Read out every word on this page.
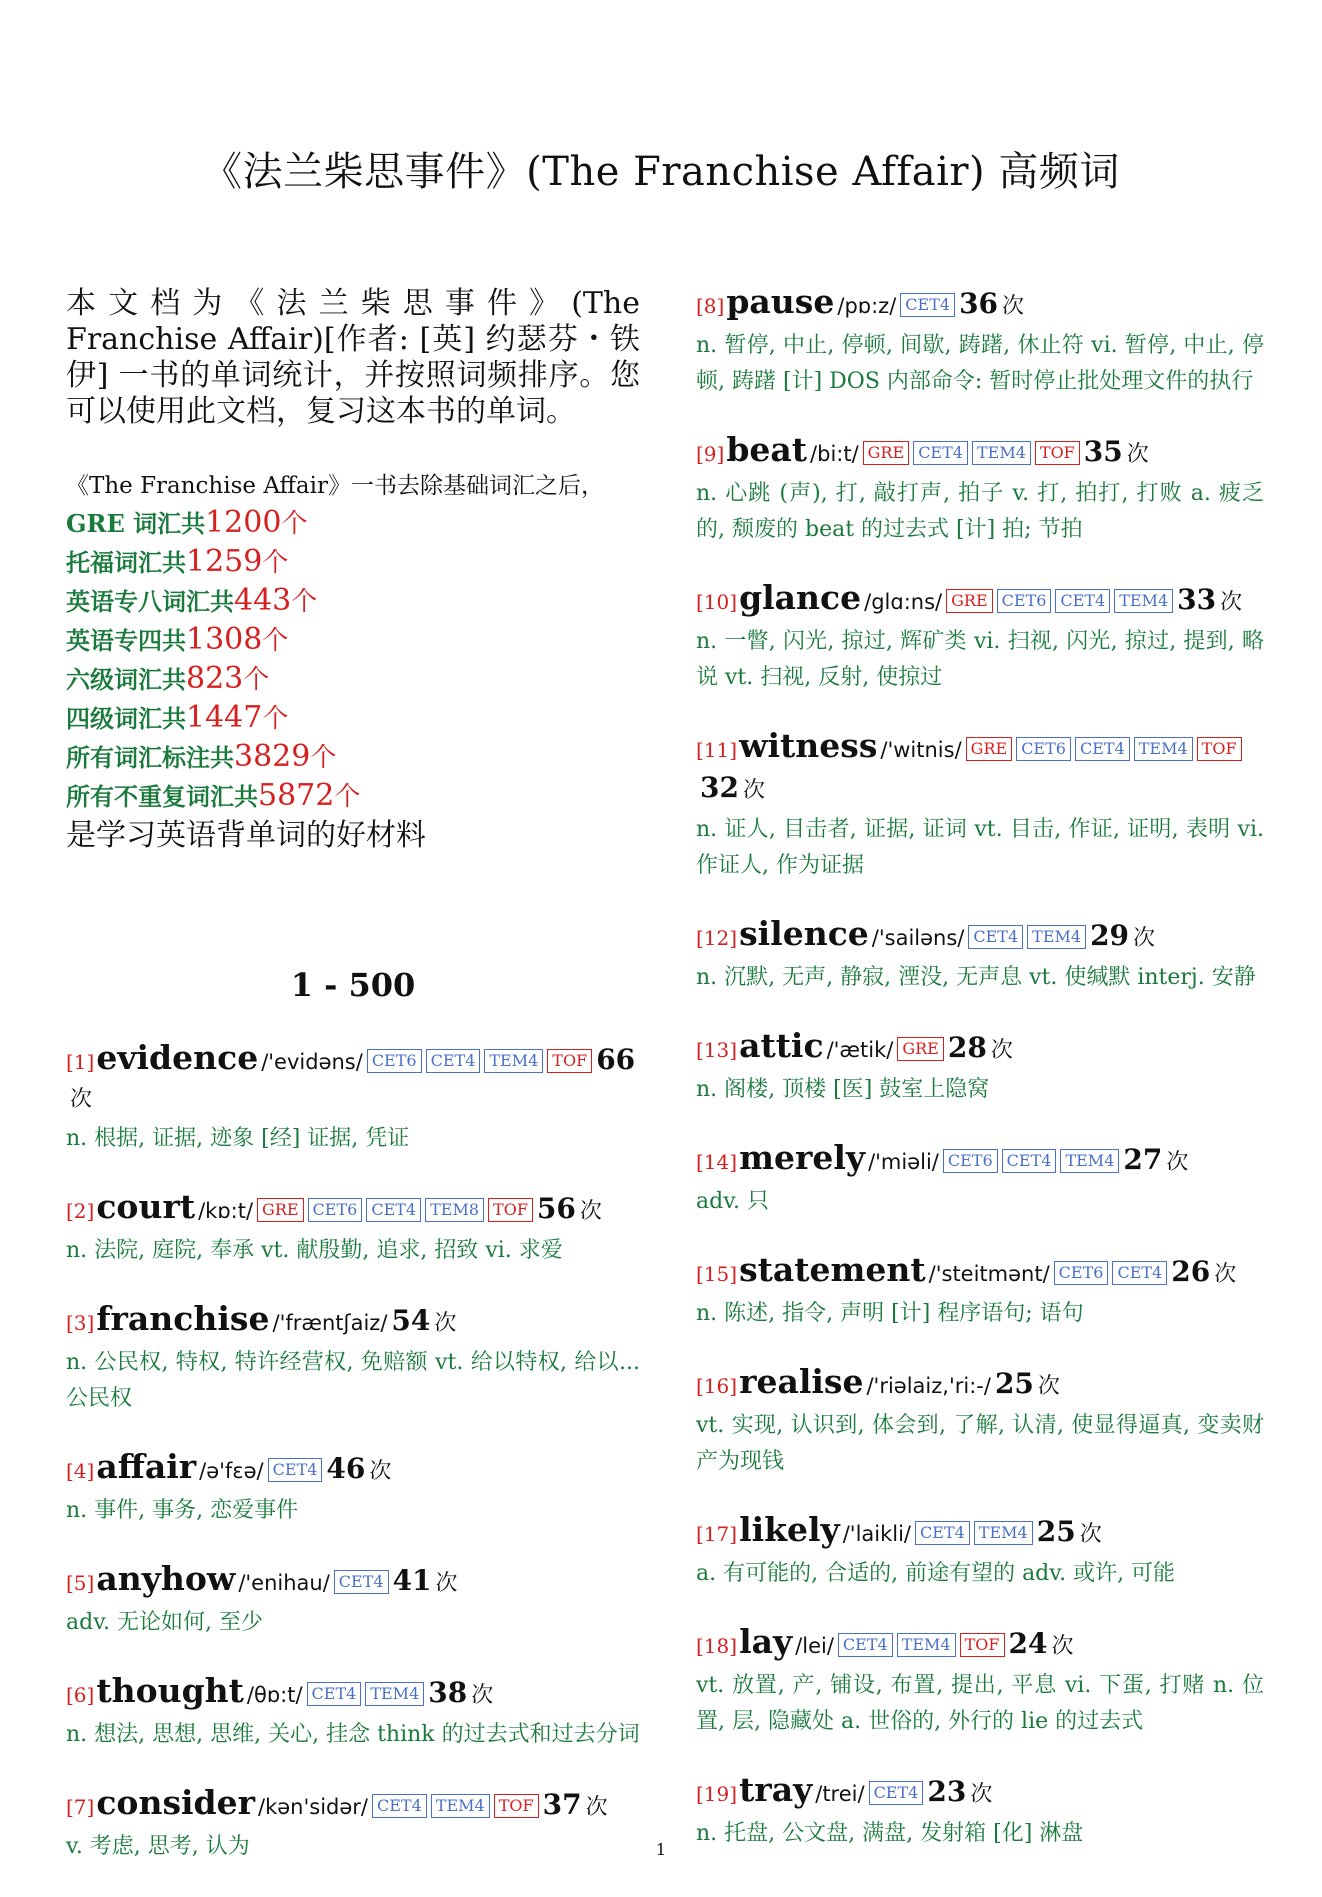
《法兰柴思事件》(The Franchise Affair) 高频词

本文档为《法兰柴思事件》(The Franchise Affair)[作者: [英] 约瑟芬・铁伊] 一书的单词统计，并按照词频排序。您可以使用此文档，复习这本书的单词。

《The Franchise Affair》一书去除基础词汇之后，

GRE 词汇共1200个
托福词汇共1259个
英语专八词汇共443个
英语专四共1308个
六级词汇共823个
四级词汇共1447个
所有词汇标注共3829个
所有不重复词汇共5872个

是学习英语背单词的好材料

1 - 500
[1]evidence /'evidəns/ CET6 CET4 TEM4 TOF 66次
n. 根据, 证据, 迹象 [经] 证据, 凭证
[2]court /kɒ:t/ GRE CET6 CET4 TEM8 TOF 56 次
n. 法院, 庭院, 奉承 vt. 献殷勤, 追求, 招致 vi. 求爱
[3]franchise /'fræntʃaiz/ 54 次
n. 公民权, 特权, 特许经营权, 免赔额 vt. 给以特权, 给以... 公民权
[4]affair /ə'fɛə/ CET4 46 次
n. 事件, 事务, 恋爱事件
[5]anyhow /'enihau/ CET4 41 次
adv. 无论如何, 至少
[6]thought /θɒ:t/ CET4 TEM4 38 次
n. 想法, 思想, 思维, 关心, 挂念 think 的过去式和过去分词
[7]consider /kən'sidər/ CET4 TEM4 TOF 37 次
v. 考虑, 思考, 认为
[8]pause /pɒ:z/ CET4 36 次
n. 暂停, 中止, 停顿, 间歇, 踌躇, 休止符 vi. 暂停, 中止, 停顿, 踌躇 [计] DOS 内部命令: 暂时停止批处理文件的执行
[9]beat /bi:t/ GRE CET4 TEM4 TOF 35 次
n. 心跳 (声), 打, 敲打声, 拍子 v. 打, 拍打, 打败 a. 疲乏的, 颓废的 beat 的过去式 [计] 拍; 节拍
[10]glance /glɑ:ns/ GRE CET6 CET4 TEM4 33 次
n. 一瞥, 闪光, 掠过, 辉矿类 vi. 扫视, 闪光, 掠过, 提到, 略说 vt. 扫视, 反射, 使掠过
[11]witness /'witnis/ GRE CET6 CET4 TEM4 TOF32 次
n. 证人, 目击者, 证据, 证词 vt. 目击, 作证, 证明, 表明 vi. 作证人, 作为证据
[12]silence /'sailəns/ CET4 TEM4 29 次
n. 沉默, 无声, 静寂, 湮没, 无声息 vt. 使缄默 interj. 安静
[13]attic /'ætik/ GRE 28 次
n. 阁楼, 顶楼 [医] 鼓室上隐窝
[14]merely /'miəli/ CET6 CET4 TEM4 27 次
adv. 只
[15]statement /'steitmənt/ CET6 CET4 26 次
n. 陈述, 指令, 声明 [计] 程序语句; 语句
[16]realise /'riəlaiz,'ri:-/ 25 次
vt. 实现, 认识到, 体会到, 了解, 认清, 使显得逼真, 变卖财产为现钱
[17]likely /'laikli/ CET4 TEM4 25 次
a. 有可能的, 合适的, 前途有望的 adv. 或许, 可能
[18]lay /lei/ CET4 TEM4 TOF 24 次
vt. 放置, 产, 铺设, 布置, 提出, 平息 vi. 下蛋, 打赌 n. 位置, 层, 隐藏处 a. 世俗的, 外行的 lie 的过去式
[19]tray /trei/ CET4 23 次
n. 托盘, 公文盘, 满盘, 发射箱 [化] 淋盘
1
